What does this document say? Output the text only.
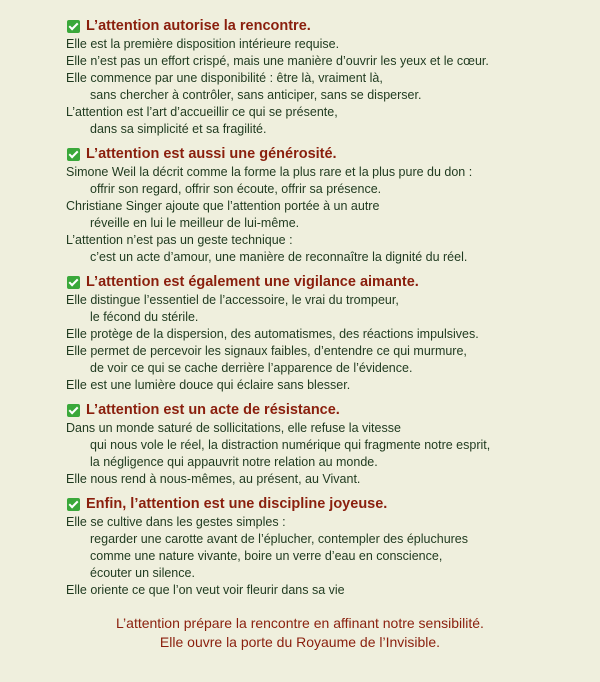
L’attention autorise la rencontre.
Elle est la première disposition intérieure requise.
Elle n’est pas un effort crispé, mais une manière d’ouvrir les yeux et le cœur.
Elle commence par une disponibilité : être là, vraiment là,
sans chercher à contrôler, sans anticiper, sans se disperser.
L’attention est l’art d’accueillir ce qui se présente,
dans sa simplicité et sa fragilité.
L’attention est aussi une générosité.
Simone Weil la décrit comme la forme la plus rare et la plus pure du don :
offrir son regard, offrir son écoute, offrir sa présence.
Christiane Singer ajoute que l’attention portée à un autre
réveille en lui le meilleur de lui-même.
L’attention n’est pas un geste technique :
c’est un acte d’amour, une manière de reconnaître la dignité du réel.
L’attention est également une vigilance aimante.
Elle distingue l’essentiel de l’accessoire, le vrai du trompeur,
le fécond du stérile.
Elle protège de la dispersion, des automatismes, des réactions impulsives.
Elle permet de percevoir les signaux faibles, d’entendre ce qui murmure,
de voir ce qui se cache derrière l’apparence de l’évidence.
Elle est une lumière douce qui éclaire sans blesser.
L’attention est un acte de résistance.
Dans un monde saturé de sollicitations, elle refuse la vitesse
qui nous vole le réel, la distraction numérique qui fragmente notre esprit,
la négligence qui appauvrit notre relation au monde.
Elle nous rend à nous-mêmes, au présent, au Vivant.
Enfin, l’attention est une discipline joyeuse.
Elle se cultive dans les gestes simples :
regarder une carotte avant de l’éplucher, contempler des épluchures
comme une nature vivante, boire un verre d’eau en conscience,
écouter un silence.
Elle oriente ce que l’on veut voir fleurir dans sa vie
L’attention prépare la rencontre en affinant notre sensibilité.
Elle ouvre la porte du Royaume de l’Invisible.
